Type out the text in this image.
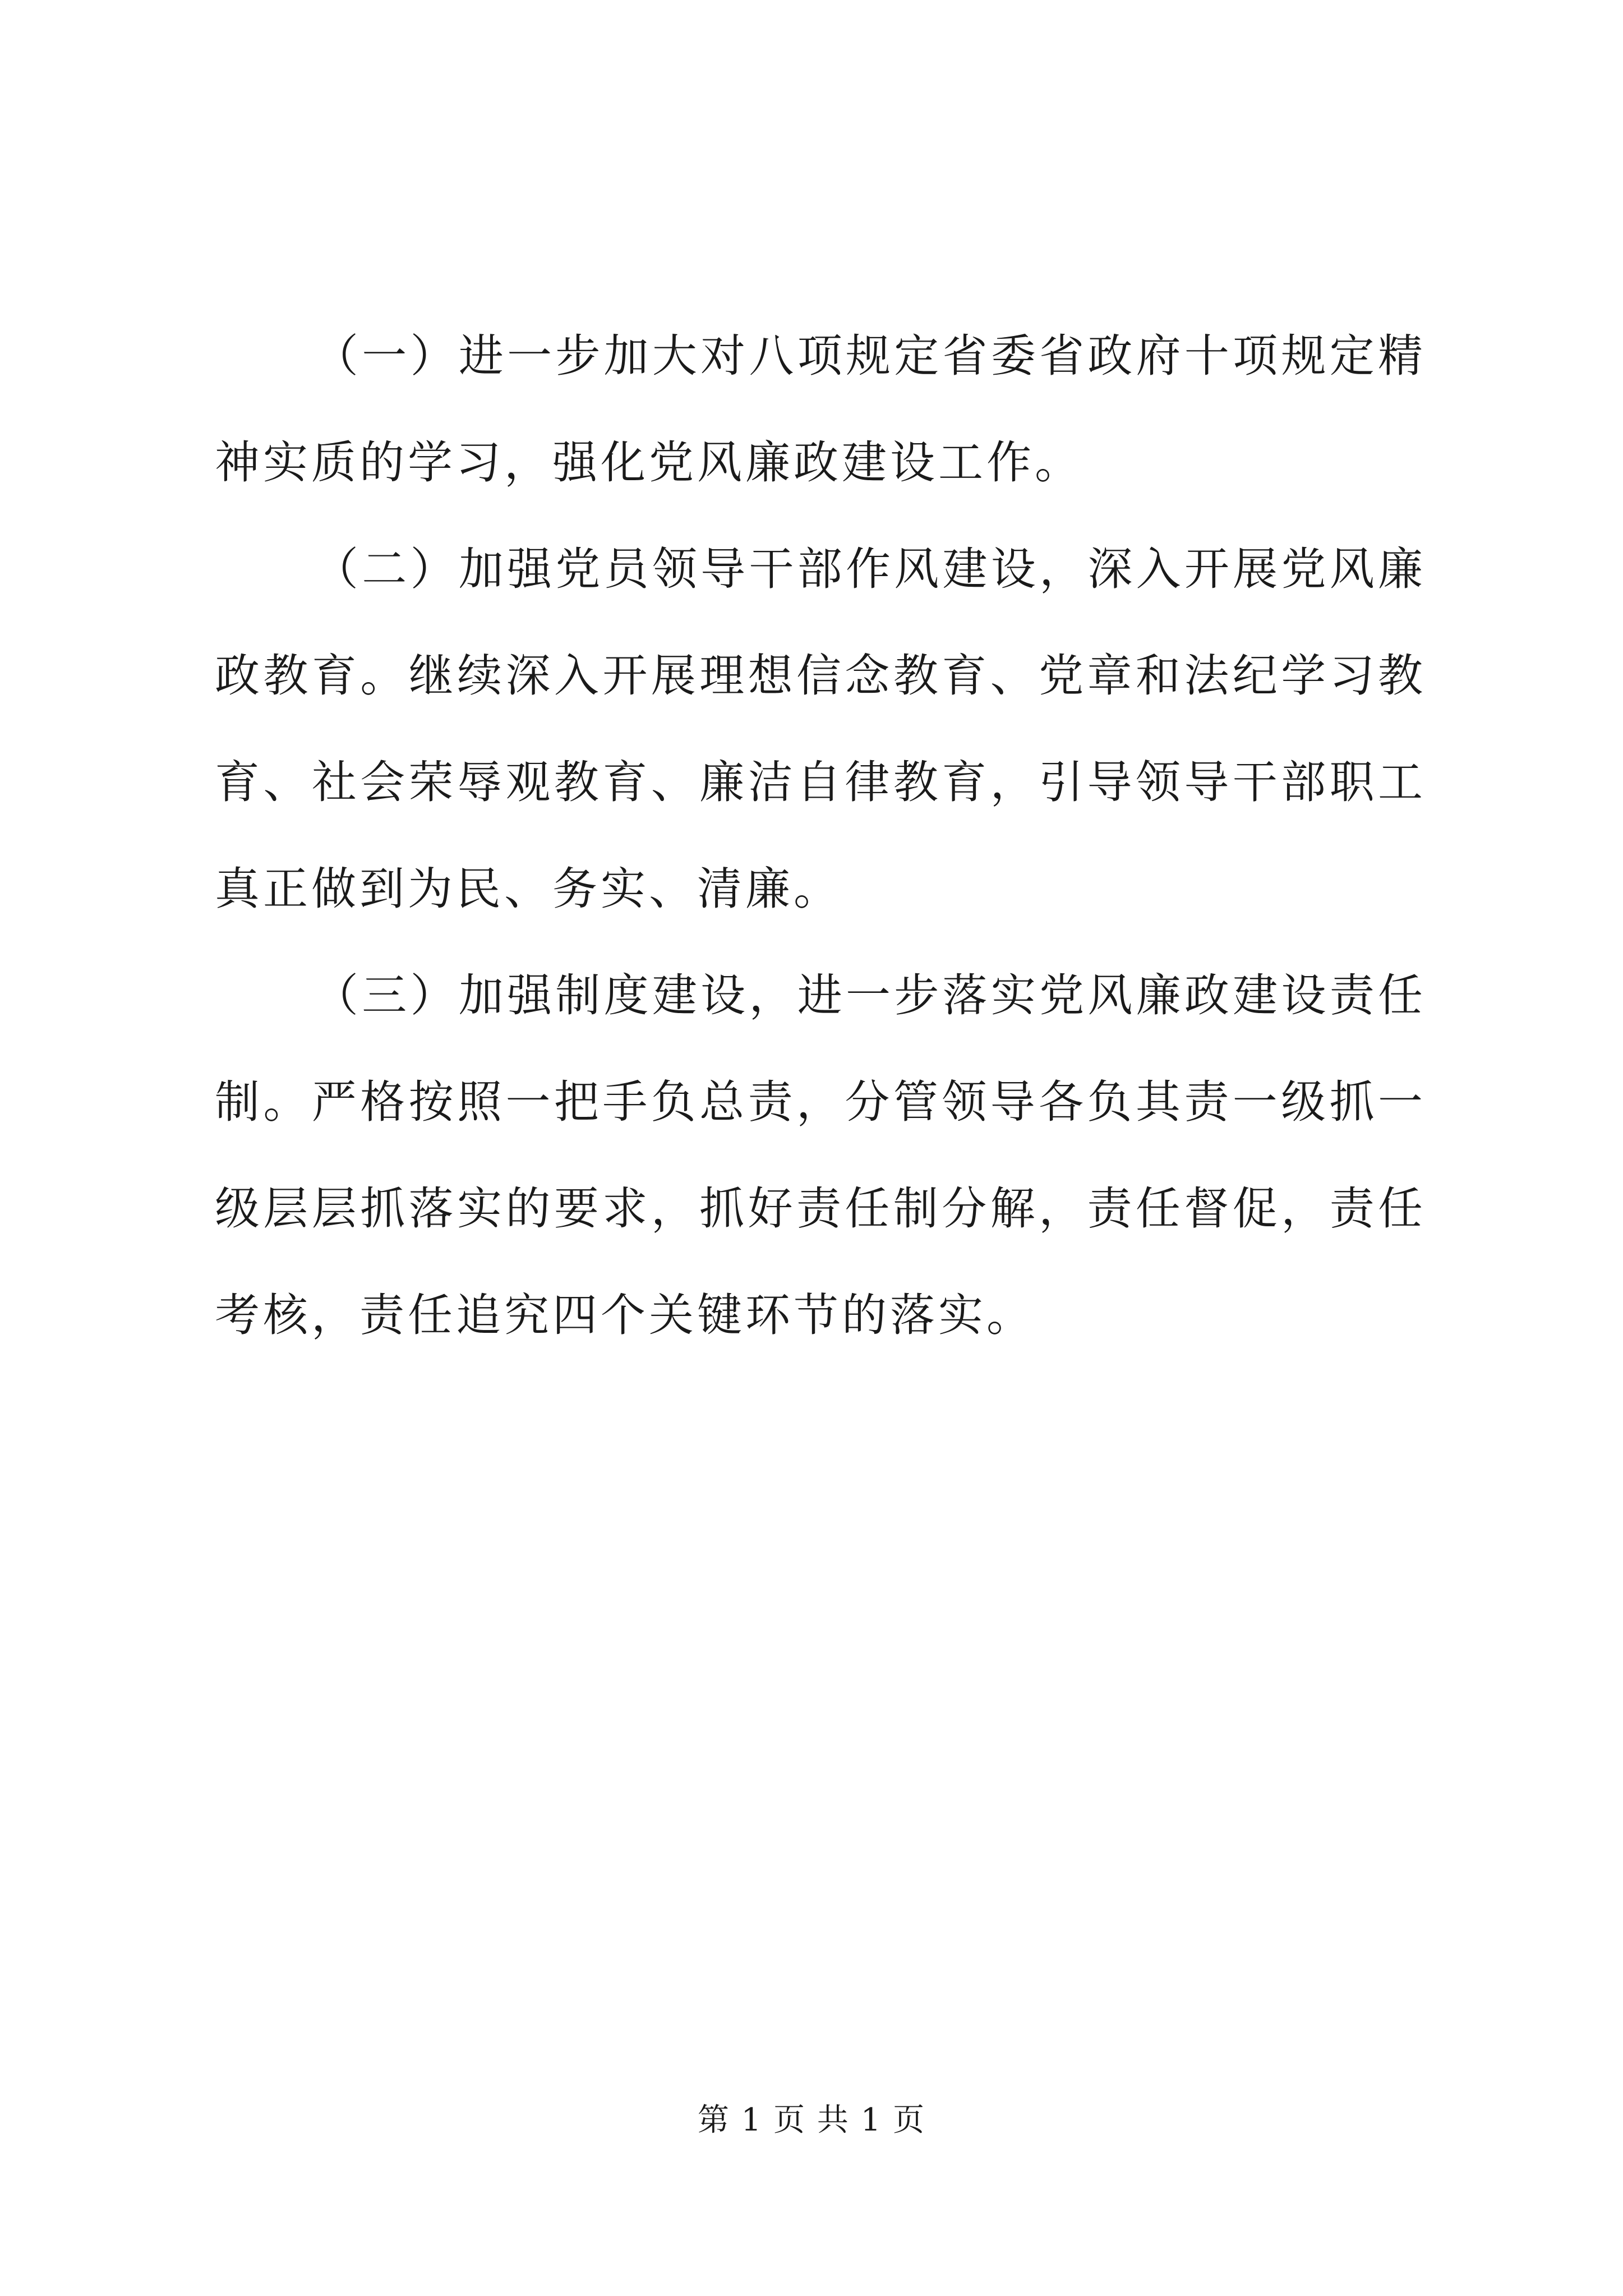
（一）进一步加大对八项规定省委省政府十项规定精神实质的学习，强化党风廉政建设工作。

（二）加强党员领导干部作风建设，深入开展党风廉政教育。继续深入开展理想信念教育、党章和法纪学习教育、社会荣辱观教育、廉洁自律教育，引导领导干部职工真正做到为民、务实、清廉。

（三）加强制度建设，进一步落实党风廉政建设责任制。严格按照一把手负总责，分管领导各负其责一级抓一级层层抓落实的要求，抓好责任制分解，责任督促，责任考核，责任追究四个关键环节的落实。

第 1 页 共 1 页
